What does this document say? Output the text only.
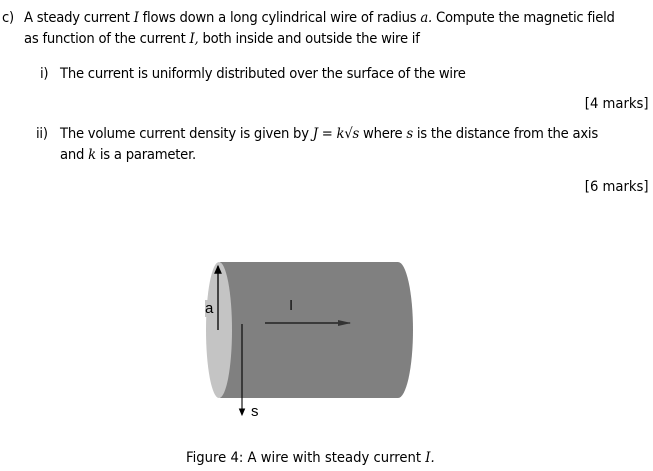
c) A steady current I flows down a long cylindrical wire of radius a. Compute the magnetic field
as function of the current I, both inside and outside the wire if
i) The current is uniformly distributed over the surface of the wire
[4 marks]
ii) The volume current density is given by J = k√s where s is the distance from the axis
and k is a parameter.
[6 marks]
a	I
s
Figure 4: A wire with steady current I.
